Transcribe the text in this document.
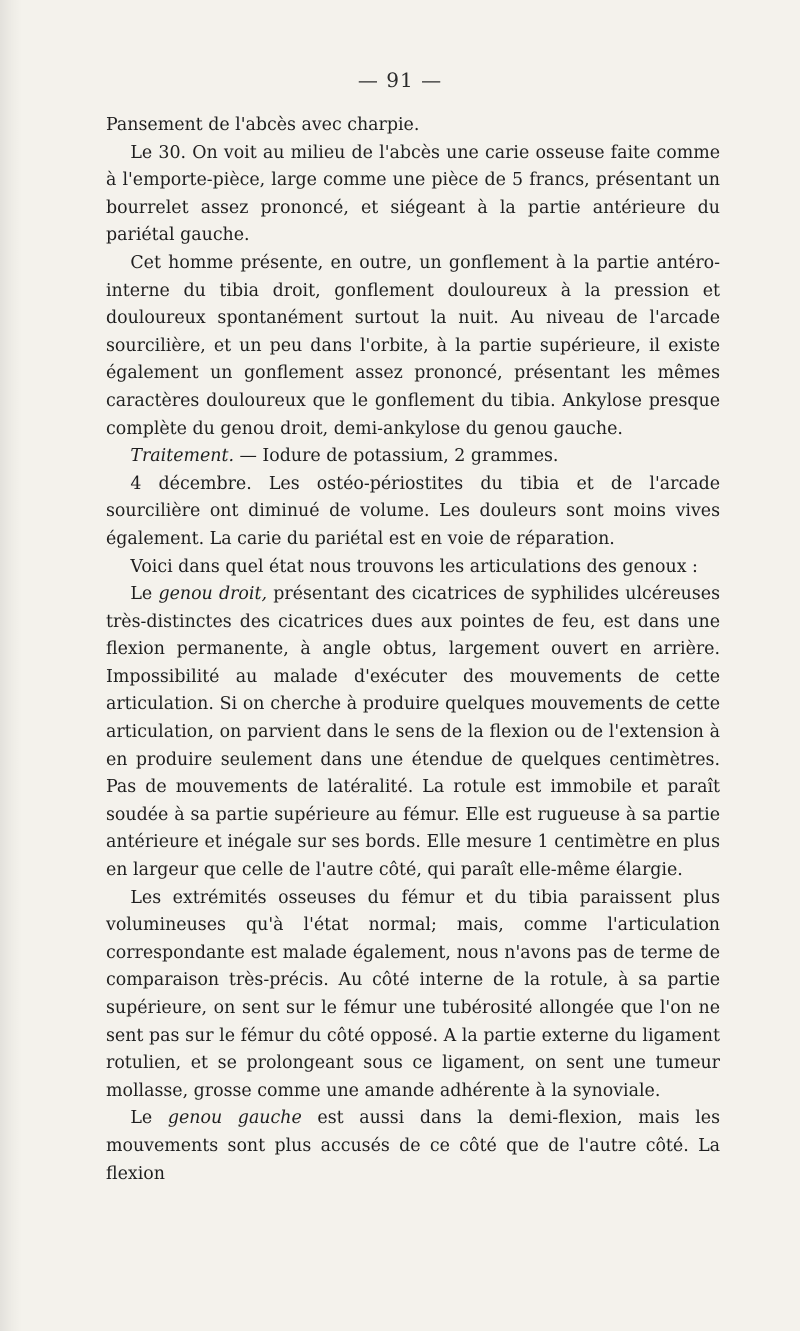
— 91 —

Pansement de l'abcès avec charpie.

Le 30. On voit au milieu de l'abcès une carie osseuse faite comme à l'emporte-pièce, large comme une pièce de 5 francs, présentant un bourrelet assez prononcé, et siégeant à la partie antérieure du pariétal gauche.

Cet homme présente, en outre, un gonflement à la partie antéro-interne du tibia droit, gonflement douloureux à la pression et douloureux spontanément surtout la nuit. Au niveau de l'arcade sourcilière, et un peu dans l'orbite, à la partie supérieure, il existe également un gonflement assez prononcé, présentant les mêmes caractères douloureux que le gonflement du tibia. Ankylose presque complète du genou droit, demi-ankylose du genou gauche.

Traitement. — Iodure de potassium, 2 grammes.

4 décembre. Les ostéo-périostites du tibia et de l'arcade sourcilière ont diminué de volume. Les douleurs sont moins vives également. La carie du pariétal est en voie de réparation.

Voici dans quel état nous trouvons les articulations des genoux :

Le genou droit, présentant des cicatrices de syphilides ulcéreuses très-distinctes des cicatrices dues aux pointes de feu, est dans une flexion permanente, à angle obtus, largement ouvert en arrière. Impossibilité au malade d'exécuter des mouvements de cette articulation. Si on cherche à produire quelques mouvements de cette articulation, on parvient dans le sens de la flexion ou de l'extension à en produire seulement dans une étendue de quelques centimètres. Pas de mouvements de latéralité. La rotule est immobile et paraît soudée à sa partie supérieure au fémur. Elle est rugueuse à sa partie antérieure et inégale sur ses bords. Elle mesure 1 centimètre en plus en largeur que celle de l'autre côté, qui paraît elle-même élargie.

Les extrémités osseuses du fémur et du tibia paraissent plus volumineuses qu'à l'état normal; mais, comme l'articulation correspondante est malade également, nous n'avons pas de terme de comparaison très-précis. Au côté interne de la rotule, à sa partie supérieure, on sent sur le fémur une tubérosité allongée que l'on ne sent pas sur le fémur du côté opposé. A la partie externe du ligament rotulien, et se prolongeant sous ce ligament, on sent une tumeur mollasse, grosse comme une amande adhérente à la synoviale.

Le genou gauche est aussi dans la demi-flexion, mais les mouvements sont plus accusés de ce côté que de l'autre côté. La flexion
